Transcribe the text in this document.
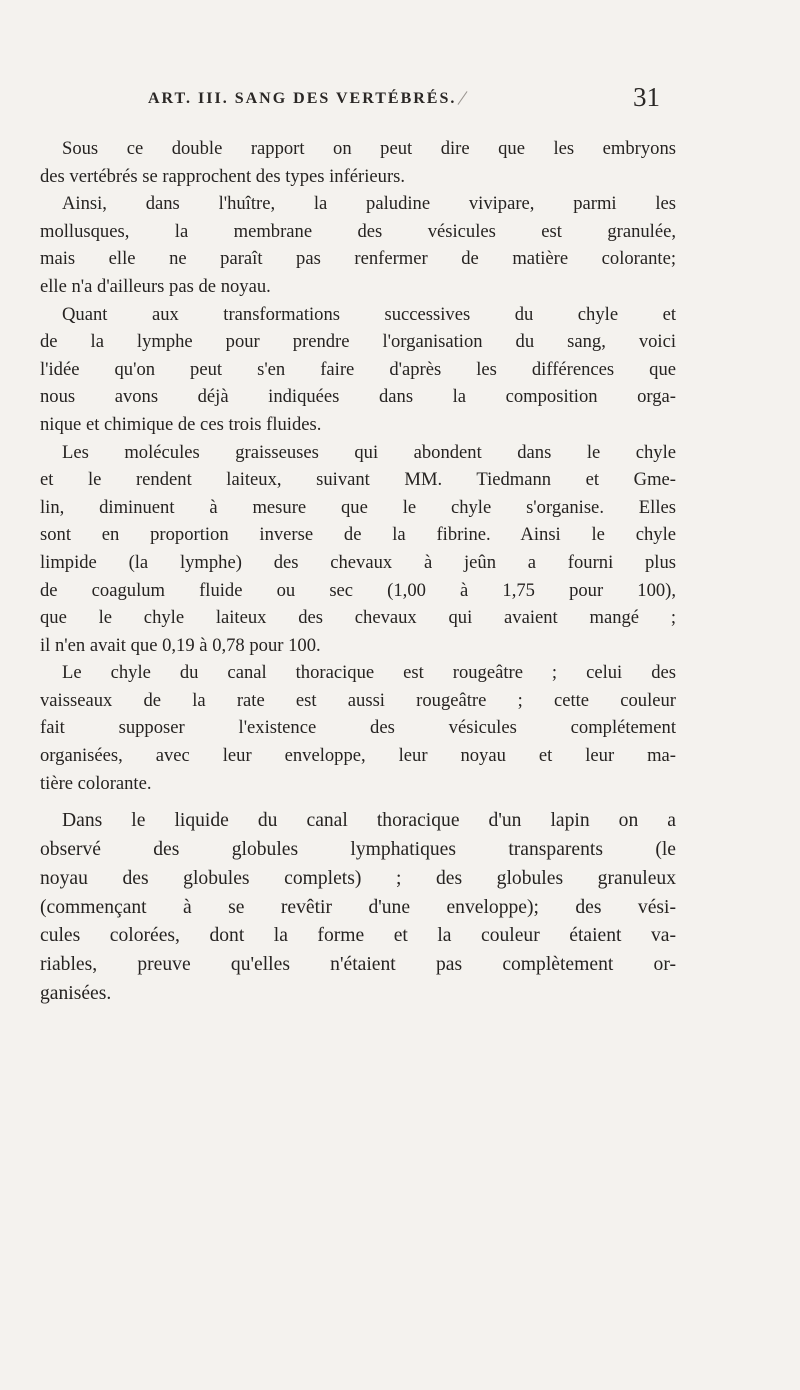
ART. III. SANG DES VERTÉBRÉS.	31
Sous ce double rapport on peut dire que les embryons
des vertébrés se rapprochent des types inférieurs.
Ainsi, dans l'huître, la paludine vivipare, parmi les
mollusques, la membrane des vésicules est granulée,
mais elle ne paraît pas renfermer de matière colorante;
elle n'a d'ailleurs pas de noyau.
Quant aux transformations successives du chyle et
de la lymphe pour prendre l'organisation du sang, voici
l'idée qu'on peut s'en faire d'après les différences que
nous avons déjà indiquées dans la composition orga-
nique et chimique de ces trois fluides.
Les molécules graisseuses qui abondent dans le chyle
et le rendent laiteux, suivant MM. Tiedmann et Gme-
lin, diminuent à mesure que le chyle s'organise. Elles
sont en proportion inverse de la fibrine. Ainsi le chyle
limpide (la lymphe) des chevaux à jeûn a fourni plus
de coagulum fluide ou sec (1,00 à 1,75 pour 100),
que le chyle laiteux des chevaux qui avaient mangé ;
il n'en avait que 0,19 à 0,78 pour 100.
Le chyle du canal thoracique est rougeâtre ; celui des
vaisseaux de la rate est aussi rougeâtre ; cette couleur
fait supposer l'existence des vésicules complétement
organisées, avec leur enveloppe, leur noyau et leur ma-
tière colorante.
Dans le liquide du canal thoracique d'un lapin on a
observé des globules lymphatiques transparents (le
noyau des globules complets) ; des globules granuleux
(commençant à se revêtir d'une enveloppe); des vési-
cules colorées, dont la forme et la couleur étaient va-
riables, preuve qu'elles n'étaient pas complètement or-
ganisées.
